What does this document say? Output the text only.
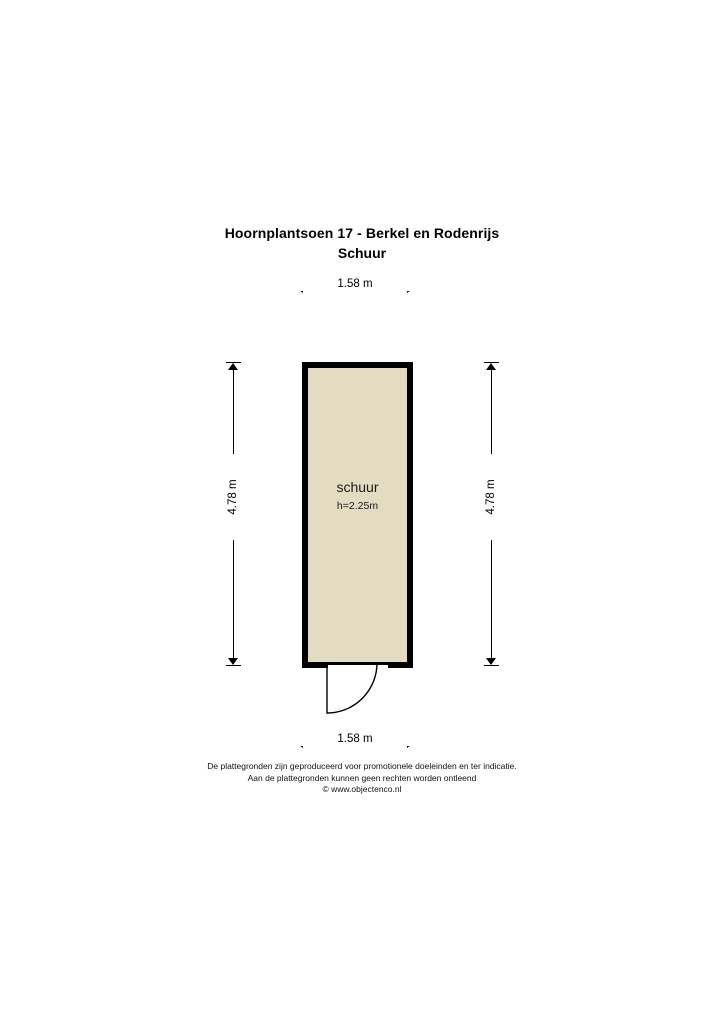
Hoornplantsoen 17 - Berkel en Rodenrijs
Schuur
1.58 m
4.78 m	4.78 m
schuur
h=2.25m
1.58 m
De plattegronden zijn geproduceerd voor promotionele doeleinden en ter indicatie.
Aan de plattegronden kunnen geen rechten worden ontleend
© www.objectenco.nl
